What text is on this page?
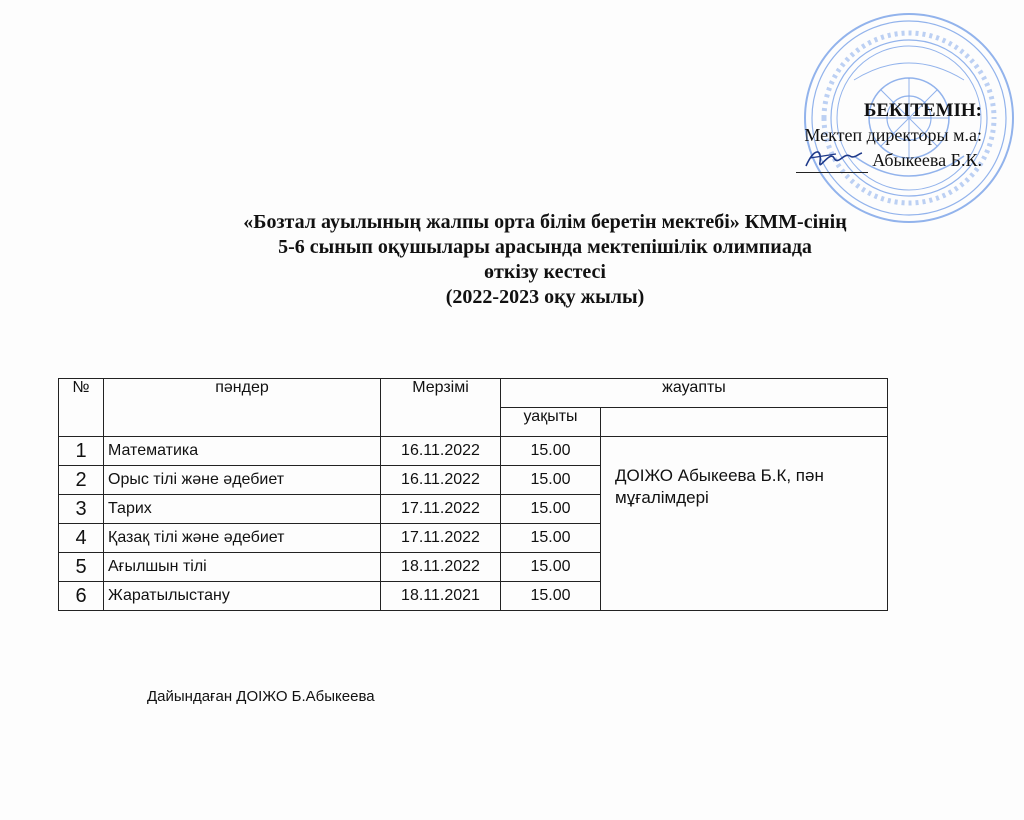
БЕКІТЕМІН:
Мектеп директоры м.а:
Абыкеева Б.К.
«Бозтал ауылының жалпы орта білім беретін мектебі» КММ-сінің
5-6 сынып оқушылары арасында мектепішілік олимпиада
өткізу кестесі
(2022-2023 оқу жылы)
№	пәндер	Мерзімі	жауапты	
			уақыты	
1	Математика	16.11.2022	15.00	ДОІЖО Абыкеева Б.К, пән мұғалімдері
2	Орыс тілі және әдебиет	16.11.2022	15.00	
3	Тарих	17.11.2022	15.00	
4	Қазақ тілі және әдебиет	17.11.2022	15.00	
5	Ағылшын тілі	18.11.2022	15.00	
6	Жаратылыстану	18.11.2021	15.00	
Дайындаған ДОІЖО Б.Абыкеева
